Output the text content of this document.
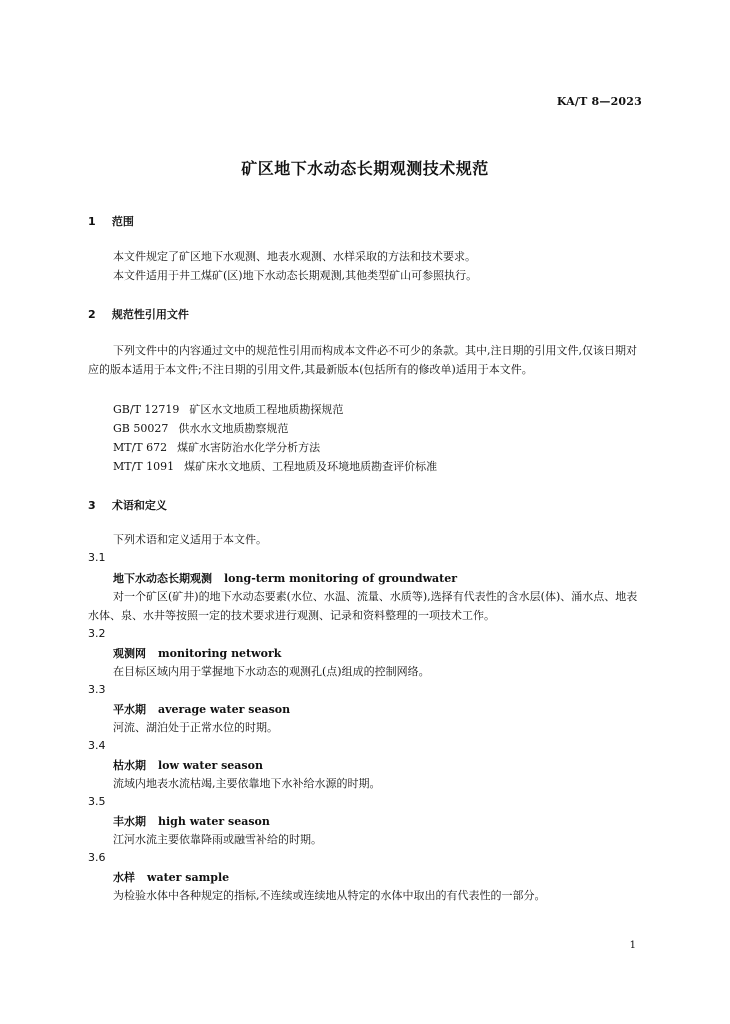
KA/T 8—2023
矿区地下水动态长期观测技术规范
1 范围
本文件规定了矿区地下水观测、地表水观测、水样采取的方法和技术要求。
本文件适用于井工煤矿(区)地下水动态长期观测,其他类型矿山可参照执行。
2 规范性引用文件
下列文件中的内容通过文中的规范性引用而构成本文件必不可少的条款。其中,注日期的引用文件,仅该日期对应的版本适用于本文件;不注日期的引用文件,其最新版本(包括所有的修改单)适用于本文件。
GB/T 12719 矿区水文地质工程地质勘探规范
GB 50027 供水水文地质勘察规范
MT/T 672 煤矿水害防治水化学分析方法
MT/T 1091 煤矿床水文地质、工程地质及环境地质勘查评价标准
3 术语和定义
下列术语和定义适用于本文件。
3.1
地下水动态长期观测 long-term monitoring of groundwater
对一个矿区(矿井)的地下水动态要素(水位、水温、流量、水质等),选择有代表性的含水层(体)、涌水点、地表水体、泉、水井等按照一定的技术要求进行观测、记录和资料整理的一项技术工作。
3.2
观测网 monitoring network
在目标区域内用于掌握地下水动态的观测孔(点)组成的控制网络。
3.3
平水期 average water season
河流、湖泊处于正常水位的时期。
3.4
枯水期 low water season
流域内地表水流枯竭,主要依靠地下水补给水源的时期。
3.5
丰水期 high water season
江河水流主要依靠降雨或融雪补给的时期。
3.6
水样 water sample
为检验水体中各种规定的指标,不连续或连续地从特定的水体中取出的有代表性的一部分。
1
